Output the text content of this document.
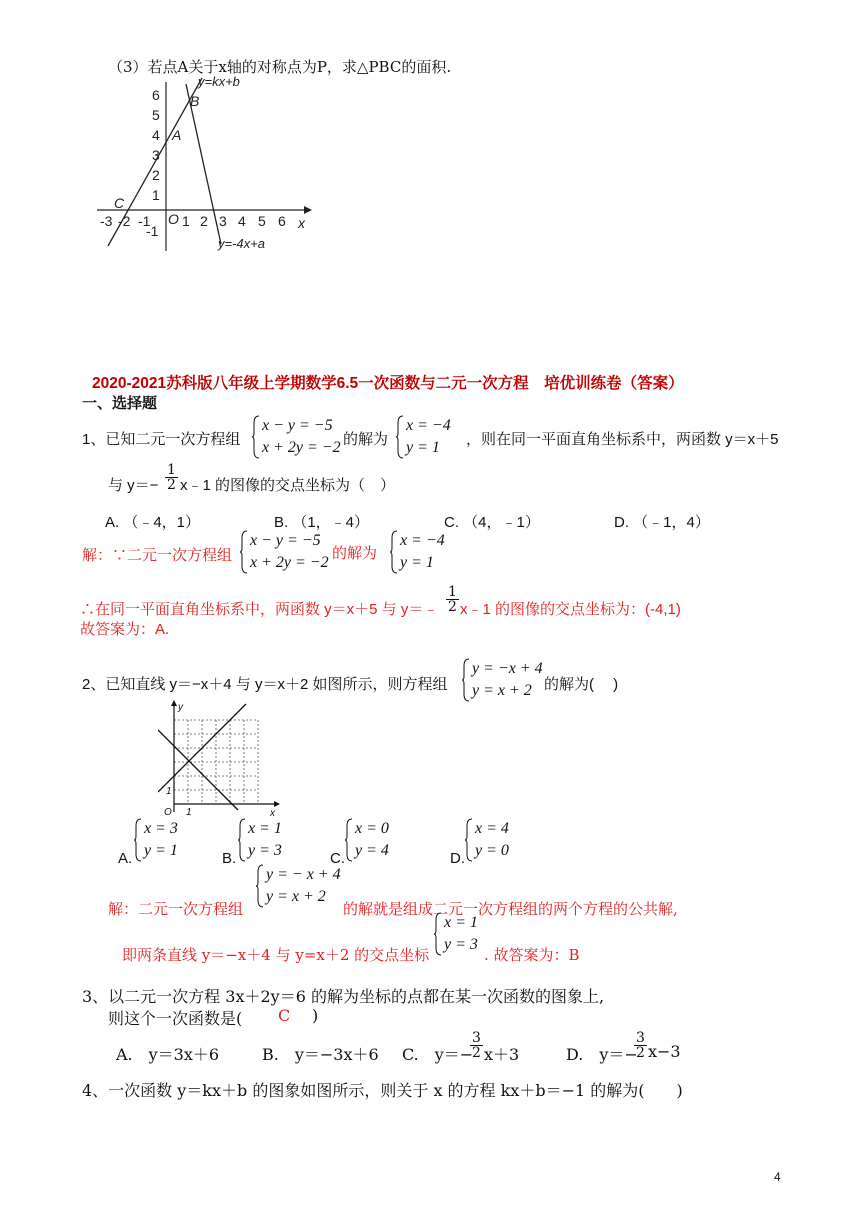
（3）若点A关于x轴的对称点为P，求△PBC的面积.
y=kx+b
y=-4x+a
B
A
C
x
6
5
4
3
2
1
-1
-3 -2 -1 O 1 2 3 4 5 6
2020-2021苏科版八年级上学期数学6.5一次函数与二元一次方程　培优训练卷（答案）
一、选择题
1、已知二元一次方程组
x − y = −5
x + 2y = −2 的解为
x = −4
y = 1	，则在同一平面直角坐标系中，两函数 y＝x＋5
与 $y=- \frac{1}{2}$ x﹣1 的图像的交点坐标为（　）
A. （﹣4，1）	B. （1，﹣4）	C. （4，﹣1）	D. （﹣1，4）
解：∵二元一次方程组
x − y = −5
x + 2y = −2
的解为
x = −4
y = 1
∴在同一平面直角坐标系中，两函数 y＝x＋5 与 y＝﹣ $\frac{1}{2}$ x﹣1 的图像的交点坐标为：(-4,1)
故答案为：A.
2、已知直线 y＝−x＋4 与 y＝x＋2 如图所示，则方程组
y = −x + 4
y = x + 2 的解为(　 )
y
x
O 1
1
A.
x = 3
y = 1	B.
x = 1
y = 3	C.
x = 0
y = 4	D.
x = 4
y = 0
解：二元一次方程组
y = − x + 4
y = x + 2
的解就是组成二元一次方程组的两个方程的公共解,
即两条直线 y＝−x＋4 与 y=x＋2 的交点坐标
x = 1
y = 3
. 故答案为：B
3、以二元一次方程 3x＋2y＝6 的解为坐标的点都在某一次函数的图象上,
则这个一次函数是( C )
A.　y＝3x＋6	B.　y＝−3x＋6 C.　y＝−
$\frac{3}{2} x+3$	D.　y＝−
$\frac{3}{2} x-3$
4、一次函数 y＝kx＋b 的图象如图所示，则关于 x 的方程 kx＋b＝−1 的解为(　　)
4
